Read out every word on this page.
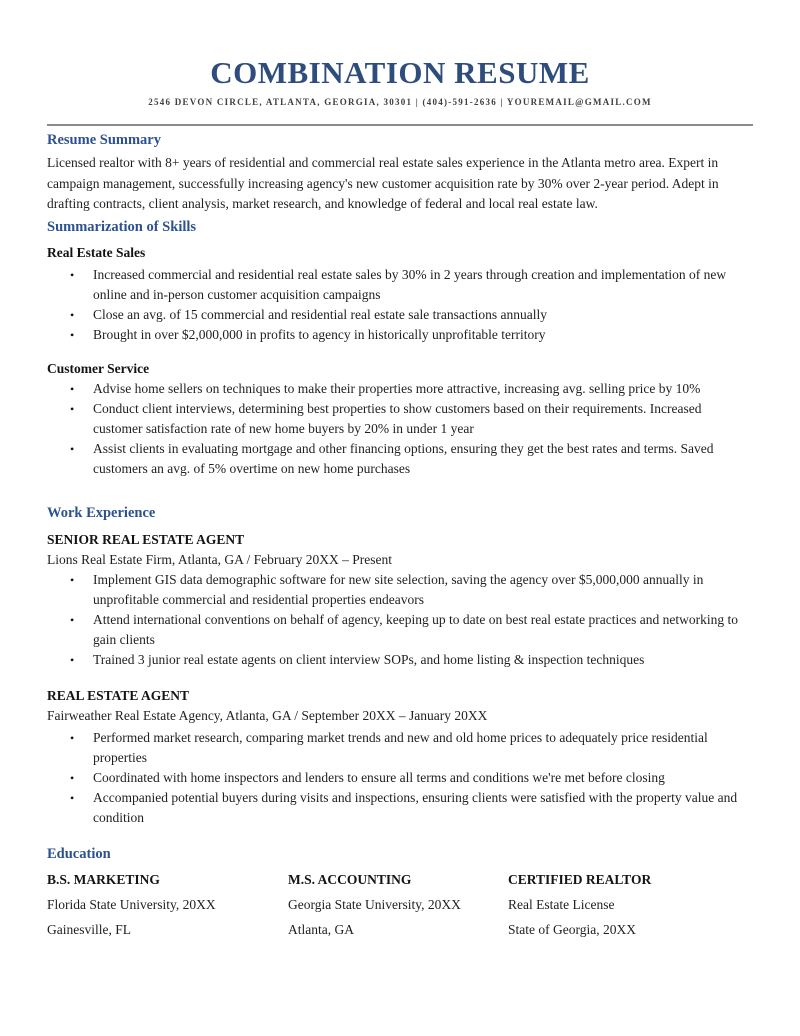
COMBINATION RESUME
2546 DEVON CIRCLE, ATLANTA, GEORGIA, 30301 | (404)-591-2636 | YOUREMAIL@GMAIL.COM
Resume Summary

Licensed realtor with 8+ years of residential and commercial real estate sales experience in the Atlanta metro area. Expert in campaign management, successfully increasing agency's new customer acquisition rate by 30% over 2-year period. Adept in drafting contracts, client analysis, market research, and knowledge of federal and local real estate law.

Summarization of Skills
Real Estate Sales
• Increased commercial and residential real estate sales by 30% in 2 years through creation and implementation of new online and in-person customer acquisition campaigns
• Close an avg. of 15 commercial and residential real estate sale transactions annually
• Brought in over $2,000,000 in profits to agency in historically unprofitable territory
Customer Service
• Advise home sellers on techniques to make their properties more attractive, increasing avg. selling price by 10%
• Conduct client interviews, determining best properties to show customers based on their requirements. Increased customer satisfaction rate of new home buyers by 20% in under 1 year
• Assist clients in evaluating mortgage and other financing options, ensuring they get the best rates and terms. Saved customers an avg. of 5% overtime on new home purchases
Work Experience
SENIOR REAL ESTATE AGENT

Lions Real Estate Firm, Atlanta, GA / February 20XX – Present

• Implement GIS data demographic software for new site selection, saving the agency over $5,000,000 annually in unprofitable commercial and residential properties endeavors
• Attend international conventions on behalf of agency, keeping up to date on best real estate practices and networking to gain clients
• Trained 3 junior real estate agents on client interview SOPs, and home listing & inspection techniques
REAL ESTATE AGENT

Fairweather Real Estate Agency, Atlanta, GA / September 20XX – January 20XX

• Performed market research, comparing market trends and new and old home prices to adequately price residential properties
• Coordinated with home inspectors and lenders to ensure all terms and conditions we're met before closing
• Accompanied potential buyers during visits and inspections, ensuring clients were satisfied with the property value and condition
Education
B.S. MARKETING
Florida State University, 20XX
Gainesville, FL
M.S. ACCOUNTING
Georgia State University, 20XX
Atlanta, GA
CERTIFIED REALTOR
Real Estate License
State of Georgia, 20XX
